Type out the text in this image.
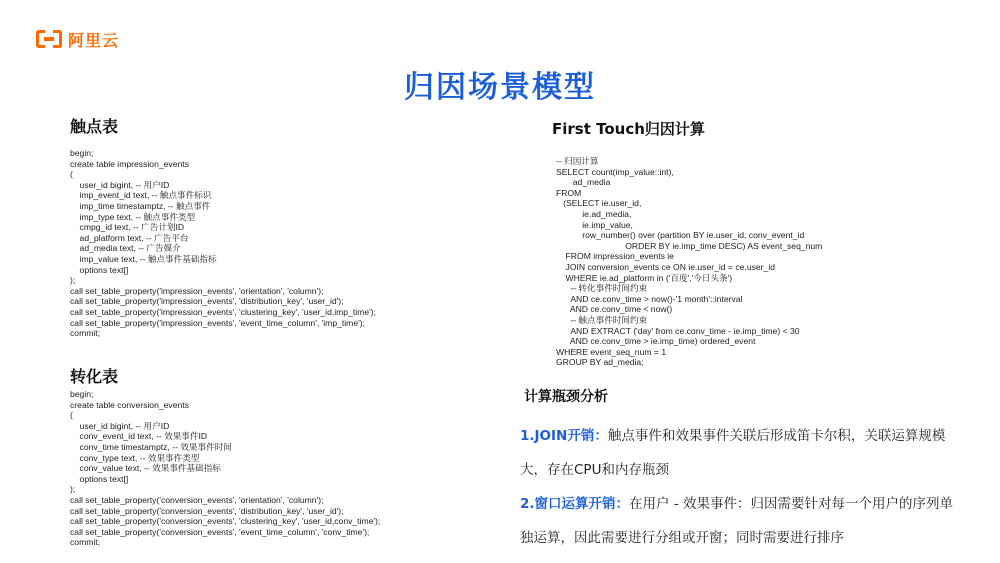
阿里云
归因场景模型
触点表
begin;
create table impression_events
(
user_id bigint, -- 用户ID
imp_event_id text, -- 触点事件标识
imp_time timestamptz, -- 触点事件
imp_type text, -- 触点事件类型
cmpg_id text, -- 广告计划ID
ad_platform text, -- 广告平台
ad_media text, -- 广告媒介
imp_value text, -- 触点事件基础指标
options text[]
);
call set_table_property('impression_events', 'orientation', 'column');
call set_table_property('impression_events', 'distribution_key', 'user_id');
call set_table_property('impression_events', 'clustering_key', 'user_id,imp_time');
call set_table_property('impression_events', 'event_time_column', 'imp_time');
commit;
转化表
begin;
create table conversion_events
(
user_id bigint, -- 用户ID
conv_event_id text, -- 效果事件ID
conv_time timestamptz, -- 效果事件时间
conv_type text, -- 效果事件类型
conv_value text, -- 效果事件基础指标
options text[]
);
call set_table_property('conversion_events', 'orientation', 'column');
call set_table_property('conversion_events', 'distribution_key', 'user_id');
call set_table_property('conversion_events', 'clustering_key', 'user_id,conv_time');
call set_table_property('conversion_events', 'event_time_column', 'conv_time');
commit;
First Touch归因计算
-- 归因计算
SELECT count(imp_value::int),
ad_media
FROM
(SELECT ie.user_id,
ie.ad_media,
ie.imp_value,
row_number() over (partition BY ie.user_id, conv_event_id
ORDER BY ie.imp_time DESC) AS event_seq_num
FROM impression_events ie
JOIN conversion_events ce ON ie.user_id = ce.user_id
WHERE ie.ad_platform in ('百度','今日头条')
-- 转化事件时间约束
AND ce.conv_time > now()-'1 month'::interval
AND ce.conv_time < now()
-- 触点事件时间约束
AND EXTRACT ('day' from ce.conv_time - ie.imp_time) < 30
AND ce.conv_time > ie.imp_time) ordered_event
WHERE event_seq_num = 1
GROUP BY ad_media;
计算瓶颈分析
1.JOIN开销：触点事件和效果事件关联后形成笛卡尔积，关联运算规模大，存在CPU和内存瓶颈
2.窗口运算开销：在用户 - 效果事件：归因需要针对每一个用户的序列单独运算，因此需要进行分组或开窗；同时需要进行排序
